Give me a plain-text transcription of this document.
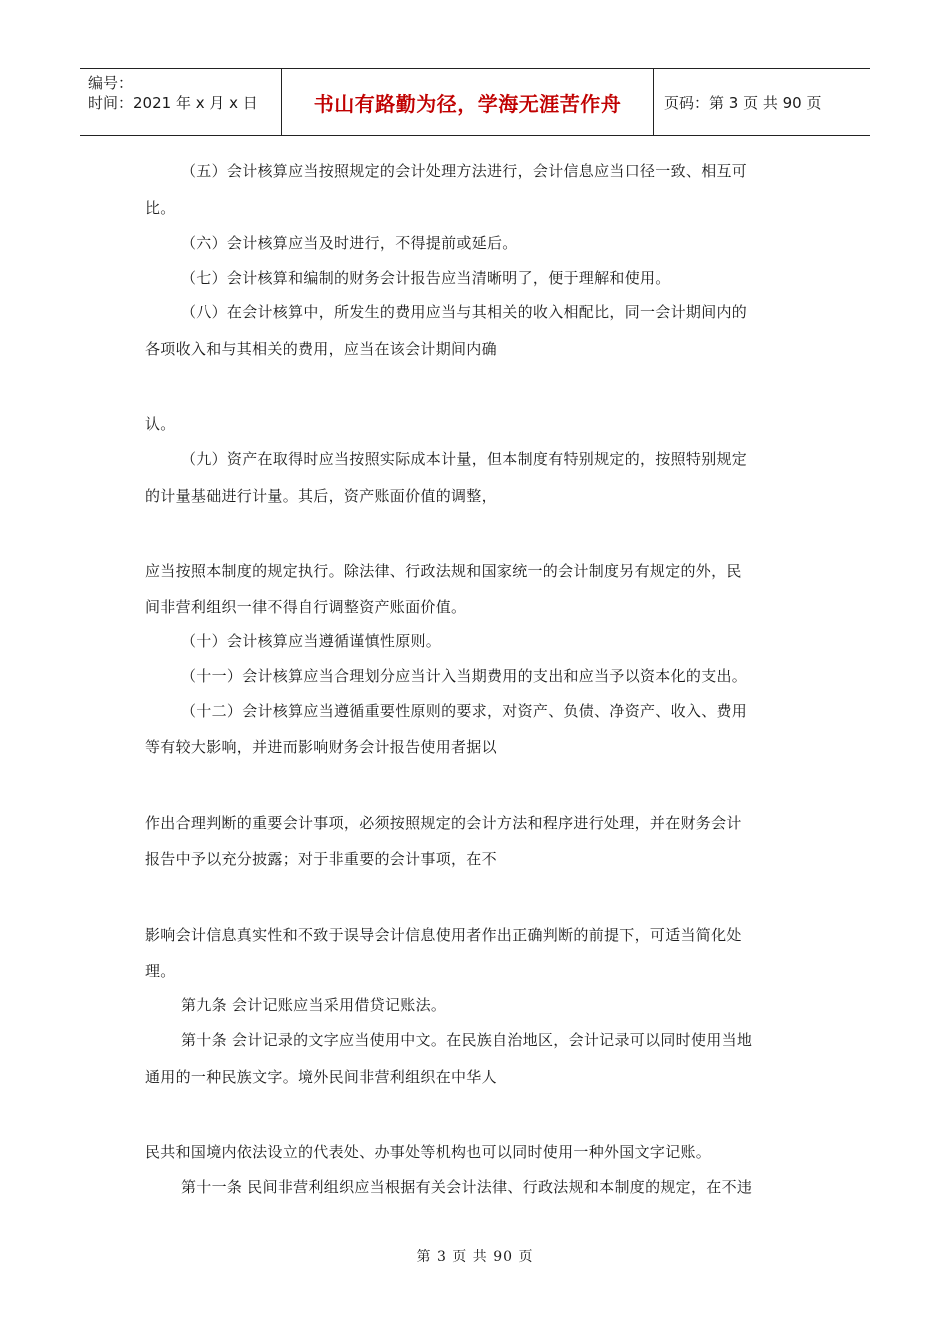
编号：
时间：2021 年 x 月 x 日	书山有路勤为径，学海无涯苦作舟	页码：第 3 页 共 90 页
（五）会计核算应当按照规定的会计处理方法进行，会计信息应当口径一致、相互可
比。
（六）会计核算应当及时进行，不得提前或延后。
（七）会计核算和编制的财务会计报告应当清晰明了，便于理解和使用。
（八）在会计核算中，所发生的费用应当与其相关的收入相配比，同一会计期间内的
各项收入和与其相关的费用，应当在该会计期间内确
认。
（九）资产在取得时应当按照实际成本计量，但本制度有特别规定的，按照特别规定
的计量基础进行计量。其后，资产账面价值的调整，
应当按照本制度的规定执行。除法律、行政法规和国家统一的会计制度另有规定的外，民
间非营利组织一律不得自行调整资产账面价值。
（十）会计核算应当遵循谨慎性原则。
（十一）会计核算应当合理划分应当计入当期费用的支出和应当予以资本化的支出。
（十二）会计核算应当遵循重要性原则的要求，对资产、负债、净资产、收入、费用
等有较大影响，并进而影响财务会计报告使用者据以
作出合理判断的重要会计事项，必须按照规定的会计方法和程序进行处理，并在财务会计
报告中予以充分披露；对于非重要的会计事项，在不
影响会计信息真实性和不致于误导会计信息使用者作出正确判断的前提下，可适当简化处
理。
第九条 会计记账应当采用借贷记账法。
第十条 会计记录的文字应当使用中文。在民族自治地区，会计记录可以同时使用当地
通用的一种民族文字。境外民间非营利组织在中华人
民共和国境内依法设立的代表处、办事处等机构也可以同时使用一种外国文字记账。
第十一条 民间非营利组织应当根据有关会计法律、行政法规和本制度的规定，在不违
第 3 页 共 90 页
